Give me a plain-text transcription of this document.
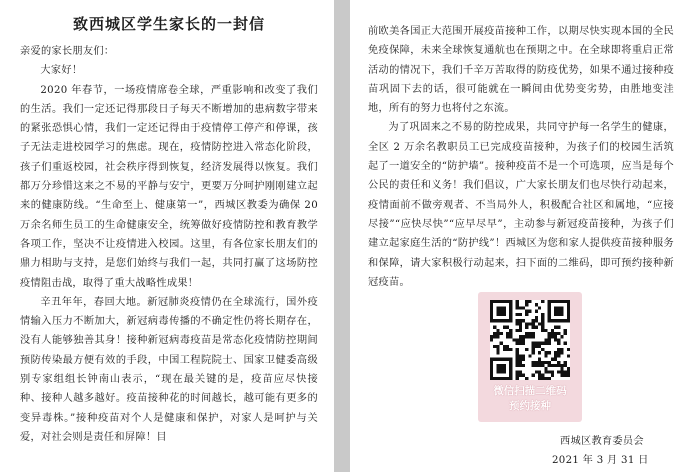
致西城区学生家长的一封信

亲爱的家长朋友们：

大家好！

2020 年春节，一场疫情席卷全球，严重影响和改变了我们的生活。我们一定还记得那段日子每天不断增加的患病数字带来的紧张恐惧心情，我们一定还记得由于疫情停工停产和停课，孩子无法走进校园学习的焦虑。现在，疫情防控进入常态化阶段，孩子们重返校园，社会秩序得到恢复，经济发展得以恢复。我们都万分珍惜这来之不易的平静与安宁，更要万分呵护刚刚建立起来的健康防线。“生命至上、健康第一”，西城区教委为确保 20 万余名师生员工的生命健康安全，统筹做好疫情防控和教育教学各项工作，坚决不让疫情进入校园。这里，有各位家长朋友们的鼎力相助与支持，是您们始终与我们一起，共同打赢了这场防控疫情阻击战，取得了重大战略性成果！

辛丑年年，春回大地。新冠肺炎疫情仍在全球流行，国外疫情输入压力不断加大，新冠病毒传播的不确定性仍将长期存在，没有人能够独善其身！接种新冠病毒疫苗是常态化疫情防控期间预防传染最方便有效的手段，中国工程院院士、国家卫健委高级别专家组组长钟南山表示，“现在最关键的是，疫苗应尽快接种、接种人越多越好。疫苗接种花的时间越长，越可能有更多的变异毒株。”接种疫苗对个人是健康和保护，对家人是呵护与关爱，对社会则是责任和屏障！目

前欧美各国正大范围开展疫苗接种工作，以期尽快实现本国的全民免疫保障，未来全球恢复通航也在预期之中。在全球即将重启正常活动的情况下，我们千辛万苦取得的防疫优势，如果不通过接种疫苗巩固下去的话，很可能就在一瞬间由优势变劣势，由胜地变洼地，所有的努力也将付之东流。

为了巩固来之不易的防控成果，共同守护每一名学生的健康，全区 2 万余名教职员工已完成疫苗接种，为孩子们的校园生活筑起了一道安全的“防护墙”。接种疫苗不是一个可选项，应当是每个公民的责任和义务！我们倡议，广大家长朋友们也尽快行动起来，疫情面前不做旁观者、不当局外人，积极配合社区和属地，“应接尽接”“应快尽快”“应早尽早”，主动参与新冠疫苗接种，为孩子们建立起家庭生活的“防护线”！西城区为您和家人提供疫苗接种服务和保障，请大家积极行动起来，扫下面的二维码，即可预约接种新冠疫苗。

微信扫描二维码
预约接种
西城区教育委员会
2021 年 3 月 31 日
